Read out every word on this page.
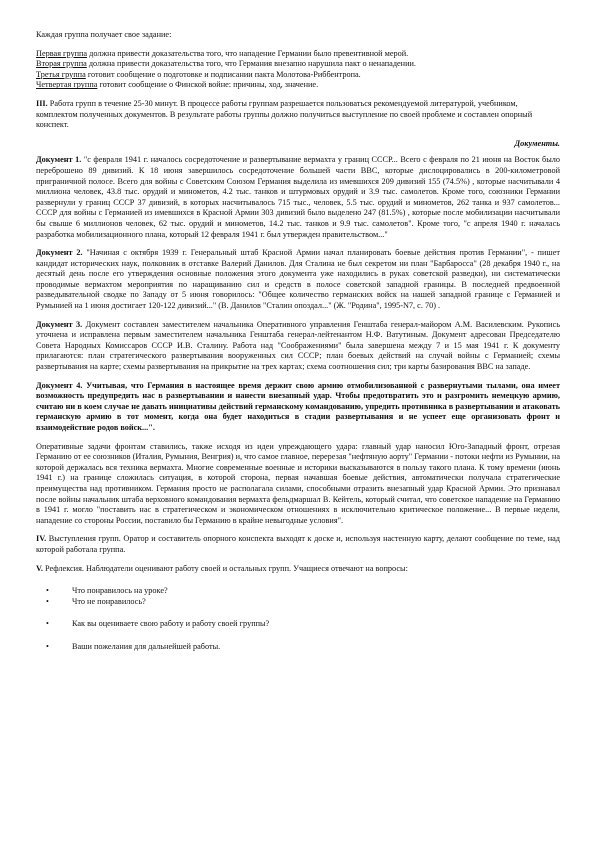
Каждая группа получает свое задание:

Первая группа должна привести доказательства того, что нападение Германии было превентивной мерой.
Вторая группа должна привести доказательства того, что Германия внезапно нарушила пакт о ненападении.
Третья группа готовит сообщение о подготовке и подписании пакта Молотова-Риббентропа.
Четвертая группа готовит сообщение о Финской войне: причины, ход, значение.

III. Работа групп в течение 25-30 минут. В процессе работы группам разрешается пользоваться рекомендуемой литературой, учебником, комплектом полученных документов. В результате работы группы должно получиться выступление по своей проблеме и составлен опорный конспект.

Документы.

Документ 1. "с февраля 1941 г. началось сосредоточение и развертывание вермахта у границ СССР... Всего с февраля по 21 июня на Восток было переброшено 89 дивизий. К 18 июня завершилось сосредоточение большей части ВВС, которые дислоцировались в 200-километровой приграничной полосе. Всего для войны с Советским Союзом Германия выделила из имевшихся 209 дивизий 155 (74.5%) , которые насчитывали 4 миллиона человек, 43.8 тыс. орудий и минометов, 4.2 тыс. танков и штурмовых орудий и 3.9 тыс. самолетов. Кроме того, союзники Германии развернули у границ СССР 37 дивизий, в которых насчитывалось 715 тыс., человек, 5.5 тыс. орудий и минометов, 262 танка и 937 самолетов... СССР для войны с Германией из имевшихся в Красной Армии 303 дивизий было выделено 247 (81.5%) , которые после мобилизации насчитывали бы свыше 6 миллионов человек, 62 тыс. орудий и минометов, 14.2 тыс. танков и 9.9 тыс. самолетов". Кроме того, "с апреля 1940 г. началась разработка мобилизационного плана, который 12 февраля 1941 г. был утвержден правительством..."

Документ 2. "Начиная с октября 1939 г. Генеральный штаб Красной Армии начал планировать боевые действия против Германии", - пишет кандидат исторических наук, полковник в отставке Валерий Данилов. Для Сталина не был секретом ни план "Барбаросса" (28 декабря 1940 г., на десятый день после его утверждения основные положения этого документа уже находились в руках советской разведки), ни систематически проводимые вермахтом мероприятия по наращиванию сил и средств в полосе советской западной границы. В последней предвоенной разведывательной сводке по Западу от 5 июня говорилось: "Общее количество германских войск на нашей западной границе с Германией и Румынией на 1 июня достигает 120-122 дивизий..." (В. Данилов "Сталин опоздал..." (Ж. "Родина", 1995-N7, с. 70) .

Документ 3. Документ составлен заместителем начальника Оперативного управления Генштаба генерал-майором А.М. Василевским. Рукопись уточнена и исправлена первым заместителем начальника Генштаба генерал-лейтенантом Н.Ф. Ватутиным. Документ адресован Председателю Совета Народных Комиссаров СССР И.В. Сталину. Работа над "Соображениями" была завершена между 7 и 15 мая 1941 г. К документу прилагаются: план стратегического развертывания вооруженных сил СССР; план боевых действий на случай войны с Германией; схемы развертывания на карте; схемы развертывания на прикрытие на трех картах; схема соотношения сил; три карты базирования ВВС на западе.

Документ 4. Учитывая, что Германия в настоящее время держит свою армию отмобилизованной с развернутыми тылами, она имеет возможность предупредить нас в развертывании и нанести внезапный удар. Чтобы предотвратить это и разгромить немецкую армию, считаю ни в коем случае не давать инициативы действий германскому командованию, упредить противника в развертывании и атаковать германскую армию в тот момент, когда она будет находиться в стадии развертывания и не успеет еще организовать фронт и взаимодействие родов войск...".

Оперативные задачи фронтам ставились, также исходя из идеи упреждающего удара: главный удар наносил Юго-Западный фронт, отрезая Германию от ее союзников (Италия, Румыния, Венгрия) и, что самое главное, перерезая "нефтяную аорту" Германии - потоки нефти из Румынии, на которой держалась вся техника вермахта. Многие современные военные и историки высказываются в пользу такого плана. К тому времени (июнь 1941 г.) на границе сложилась ситуация, в которой сторона, первая начавшая боевые действия, автоматически получала стратегические преимущества над противником. Германия просто не располагала силами, способными отразить внезапный удар Красной Армии. Это признавал после войны начальник штаба верховного командования вермахта фельдмаршал В. Кейтель, который считал, что советское нападение на Германию в 1941 г. могло "поставить нас в стратегическом и экономическом отношениях в исключительно критическое положение... В первые недели, нападение со стороны России, поставило бы Германию в крайне невыгодные условия".

IV. Выступления групп. Оратор и составитель опорного конспекта выходят к доске и, используя настенную карту, делают сообщение по теме, над которой работала группа.

V. Рефлексия. Наблюдатели оценивают работу своей и остальных групп. Учащиеся отвечают на вопросы:

•	Что понравилось на уроке?
•	Что не понравилось?
•	Как вы оцениваете свою работу и работу своей группы?
•	Ваши пожелания для дальнейшей работы.
